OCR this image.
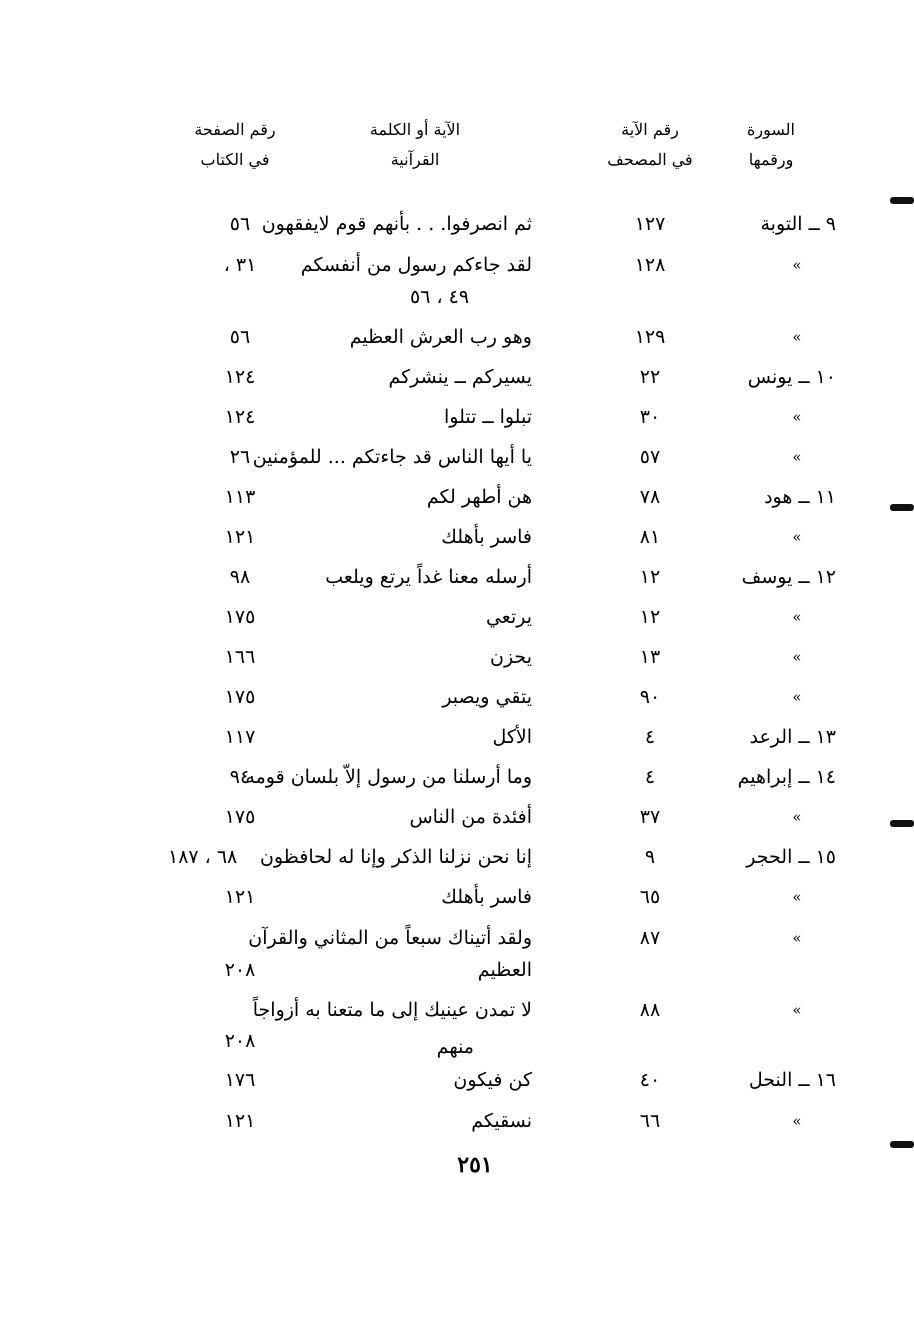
السورة
ورقمها
رقم الآية
في المصحف
الآية أو الكلمة
القرآنية
رقم الصفحة
في الكتاب
٩ ــ التوبة
١٢٧
ثم انصرفوا. . . بأنهم قوم لايفقهون
٥٦
»
١٢٨
لقد جاءكم رسول من أنفسكم
٣١ ،
٤٩ ، ٥٦
»
١٢٩
وهو رب العرش العظيم
٥٦
١٠ ــ يونس
٢٢
يسيركم ــ ينشركم
١٢٤
»
٣٠
تبلوا ــ تتلوا
١٢٤
»
٥٧
يا أيها الناس قد جاءتكم ... للمؤمنين
٢٦
١١ ــ هود
٧٨
هن أطهر لكم
١١٣
»
٨١
فاسر بأهلك
١٢١
١٢ ــ يوسف
١٢
أرسله معنا غداً يرتع ويلعب
٩٨
»
١٢
يرتعي
١٧٥
»
١٣
يحزن
١٦٦
»
٩٠
يتقي ويصبر
١٧٥
١٣ ــ الرعد
٤
الأكل
١١٧
١٤ ــ إبراهيم
٤
وما أرسلنا من رسول إلاّ بلسان قومه
٩٤
»
٣٧
أفئدة من الناس
١٧٥
١٥ ــ الحجر
٩
إنا نحن نزلنا الذكر وإنا له لحافظون
٦٨ ، ١٨٧
»
٦٥
فاسر بأهلك
١٢١
»
٨٧
ولقد أتيناك سبعاً من المثاني والقرآن
العظيم
٢٠٨
»
٨٨
لا تمدن عينيك إلى ما متعنا به أزواجاً
منهم
٢٠٨
١٦ ــ النحل
٤٠
كن فيكون
١٧٦
»
٦٦
نسقيكم
١٢١
٢٥١
